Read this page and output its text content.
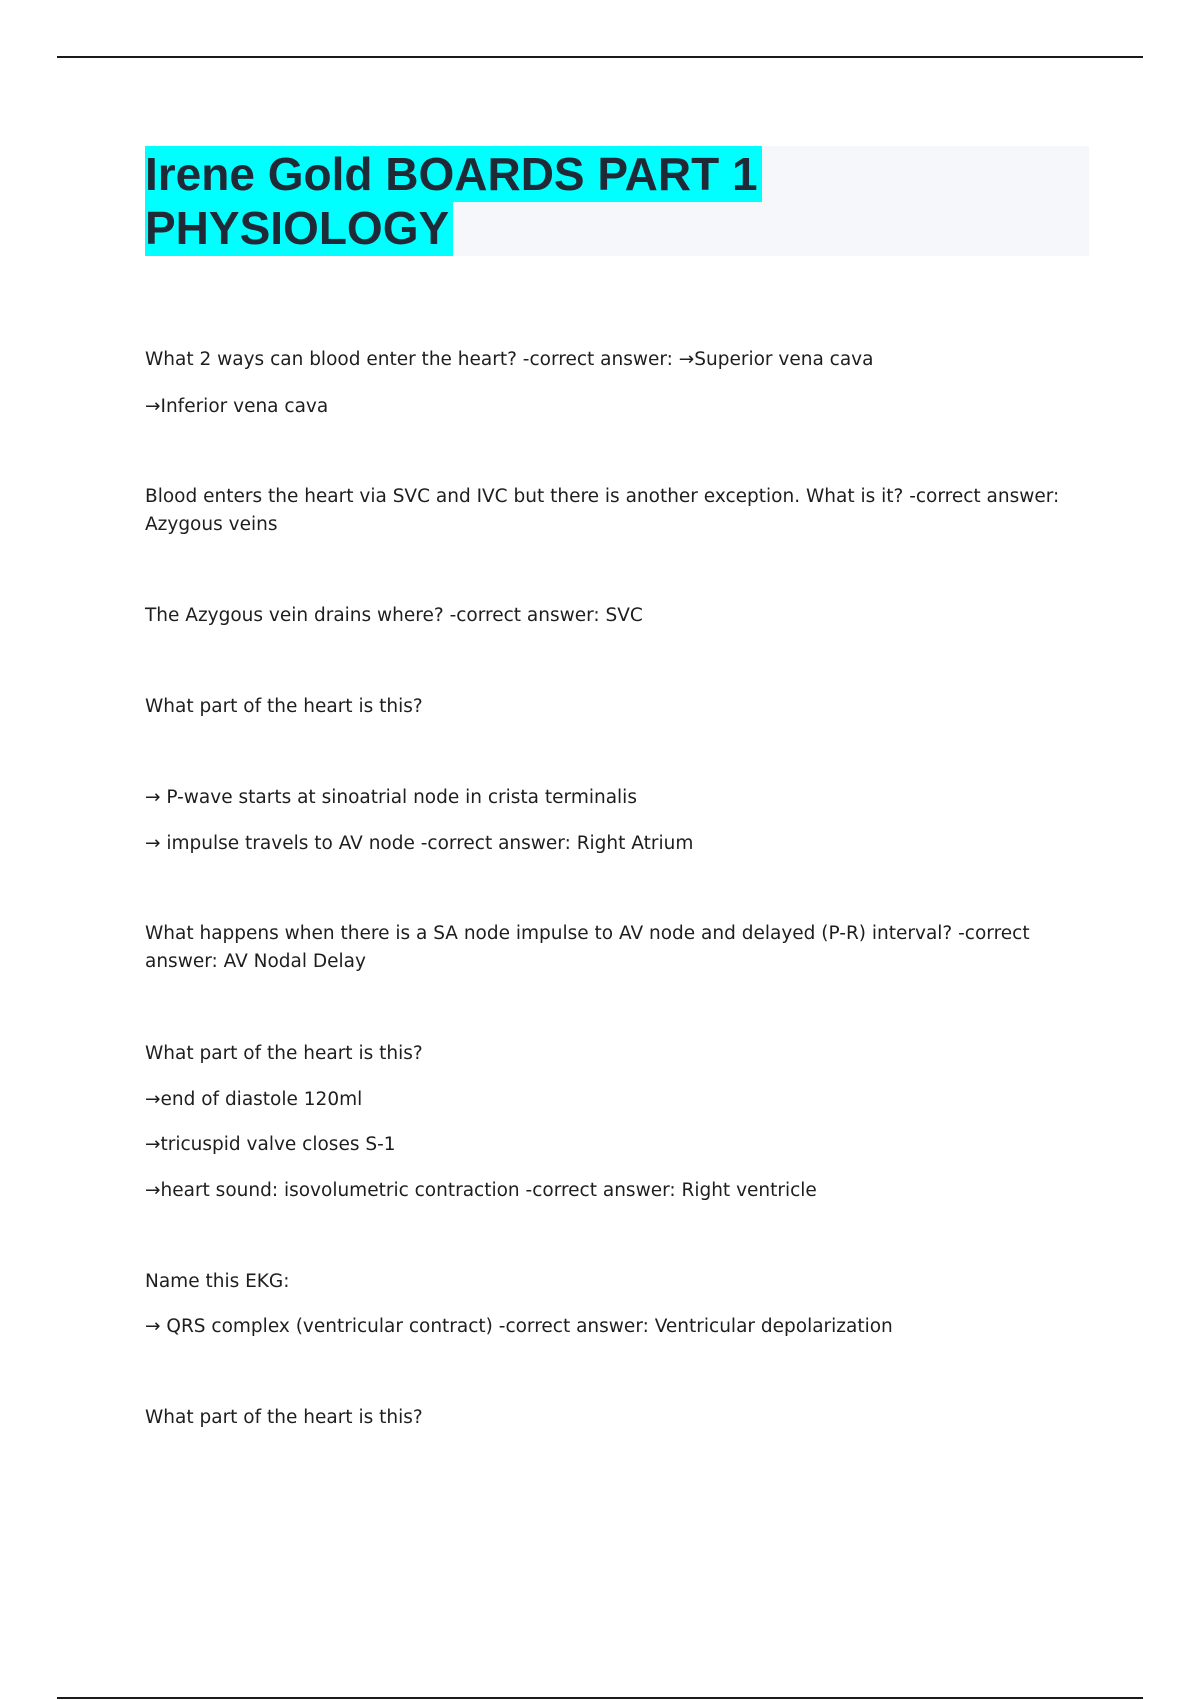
Irene Gold BOARDS PART 1
PHYSIOLOGY

What 2 ways can blood enter the heart? -correct answer: →Superior vena cava

→Inferior vena cava

Blood enters the heart via SVC and IVC but there is another exception. What is it? -correct answer: Azygous veins

The Azygous vein drains where? -correct answer: SVC

What part of the heart is this?

→ P-wave starts at sinoatrial node in crista terminalis

→ impulse travels to AV node -correct answer: Right Atrium

What happens when there is a SA node impulse to AV node and delayed (P-R) interval? -correct answer: AV Nodal Delay

What part of the heart is this?

→end of diastole 120ml

→tricuspid valve closes S-1

→heart sound: isovolumetric contraction -correct answer: Right ventricle

Name this EKG:

→ QRS complex (ventricular contract) -correct answer: Ventricular depolarization

What part of the heart is this?
